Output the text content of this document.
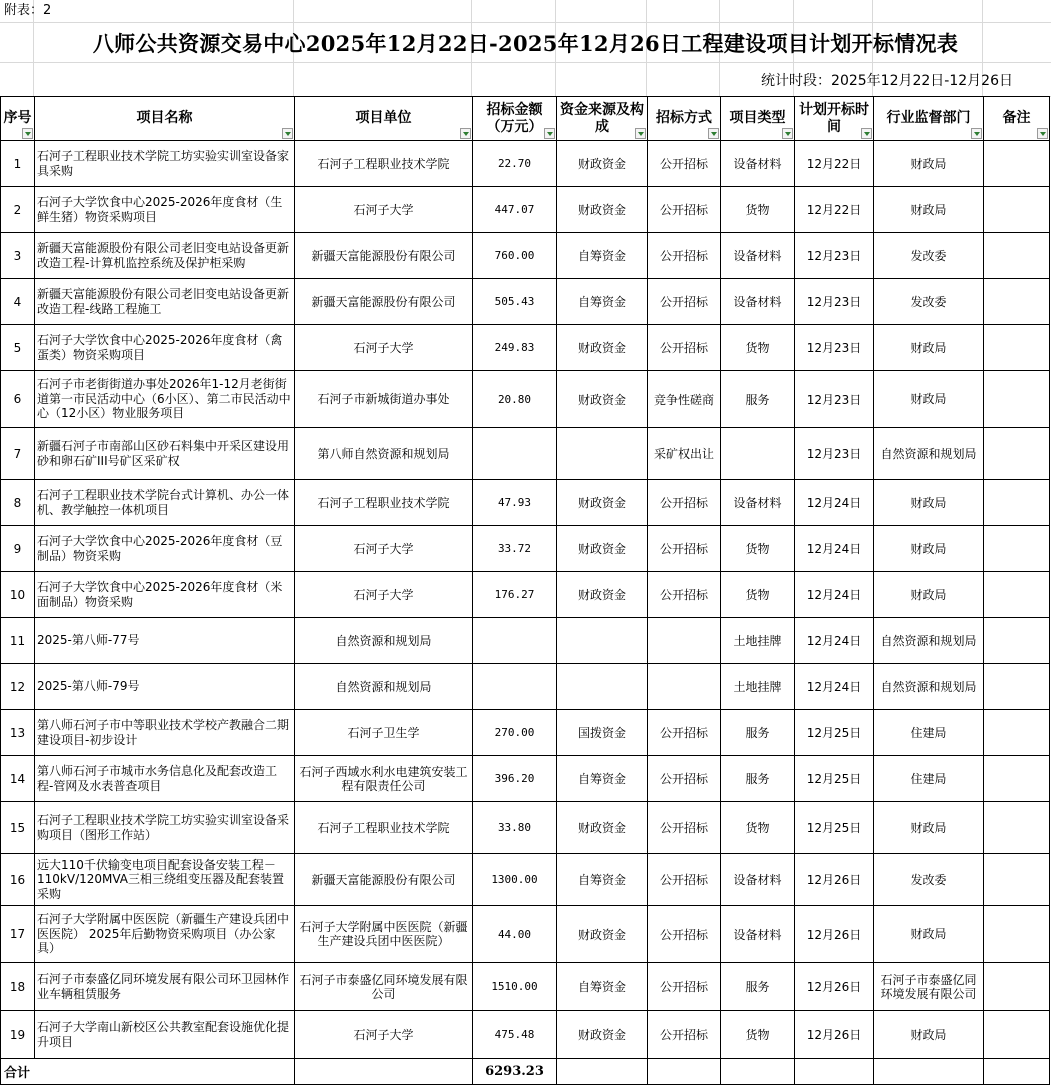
附表：2
八师公共资源交易中心2025年12月22日-2025年12月26日工程建设项目计划开标情况表
统计时段：2025年12月22日-12月26日
序号	项目名称	项目单位	招标金额（万元）	资金来源及构成	招标方式	项目类型	计划开标时间	行业监督部门	备注

1	石河子工程职业技术学院工坊实验实训室设备家具采购	石河子工程职业技术学院	22.70	财政资金	公开招标	设备材料	12月22日	财政局	
2	石河子大学饮食中心2025-2026年度食材（生鲜生猪）物资采购项目	石河子大学	447.07	财政资金	公开招标	货物	12月22日	财政局	
3	新疆天富能源股份有限公司老旧变电站设备更新改造工程-计算机监控系统及保护柜采购	新疆天富能源股份有限公司	760.00	自筹资金	公开招标	设备材料	12月23日	发改委	
4	新疆天富能源股份有限公司老旧变电站设备更新改造工程-线路工程施工	新疆天富能源股份有限公司	505.43	自筹资金	公开招标	设备材料	12月23日	发改委	
5	石河子大学饮食中心2025-2026年度食材（禽蛋类）物资采购项目	石河子大学	249.83	财政资金	公开招标	货物	12月23日	财政局	
6	石河子市老街街道办事处2026年1-12月老街街道第一市民活动中心（6小区）、第二市民活动中心（12小区）物业服务项目	石河子市新城街道办事处	20.80	财政资金	竞争性磋商	服务	12月23日	财政局	
7	新疆石河子市南部山区砂石料集中开采区建设用砂和卵石矿III号矿区采矿权	第八师自然资源和规划局			采矿权出让		12月23日	自然资源和规划局	
8	石河子工程职业技术学院台式计算机、办公一体机、教学触控一体机项目	石河子工程职业技术学院	47.93	财政资金	公开招标	设备材料	12月24日	财政局	
9	石河子大学饮食中心2025-2026年度食材（豆制品）物资采购	石河子大学	33.72	财政资金	公开招标	货物	12月24日	财政局	
10	石河子大学饮食中心2025-2026年度食材（米面制品）物资采购	石河子大学	176.27	财政资金	公开招标	货物	12月24日	财政局	
11	2025-第八师-77号	自然资源和规划局				土地挂牌	12月24日	自然资源和规划局	
12	2025-第八师-79号	自然资源和规划局				土地挂牌	12月24日	自然资源和规划局	
13	第八师石河子市中等职业技术学校产教融合二期建设项目-初步设计	石河子卫生学	270.00	国拨资金	公开招标	服务	12月25日	住建局	
14	第八师石河子市城市水务信息化及配套改造工程-管网及水表普查项目	石河子西域水利水电建筑安装工程有限责任公司	396.20	自筹资金	公开招标	服务	12月25日	住建局	
15	石河子工程职业技术学院工坊实验实训室设备采购项目（图形工作站）	石河子工程职业技术学院	33.80	财政资金	公开招标	货物	12月25日	财政局	
16	远大110千伏输变电项目配套设备安装工程－110kV/120MVA三相三绕组变压器及配套装置采购	新疆天富能源股份有限公司	1300.00	自筹资金	公开招标	设备材料	12月26日	发改委	
17	石河子大学附属中医医院（新疆生产建设兵团中医医院） 2025年后勤物资采购项目（办公家具）	石河子大学附属中医医院（新疆生产建设兵团中医医院）	44.00	财政资金	公开招标	设备材料	12月26日	财政局	
18	石河子市泰盛亿同环境发展有限公司环卫园林作业车辆租赁服务	石河子市泰盛亿同环境发展有限公司	1510.00	自筹资金	公开招标	服务	12月26日	石河子市泰盛亿同环境发展有限公司	
19	石河子大学南山新校区公共教室配套设施优化提升项目	石河子大学	475.48	财政资金	公开招标	货物	12月26日	财政局	
合计			6293.23						
